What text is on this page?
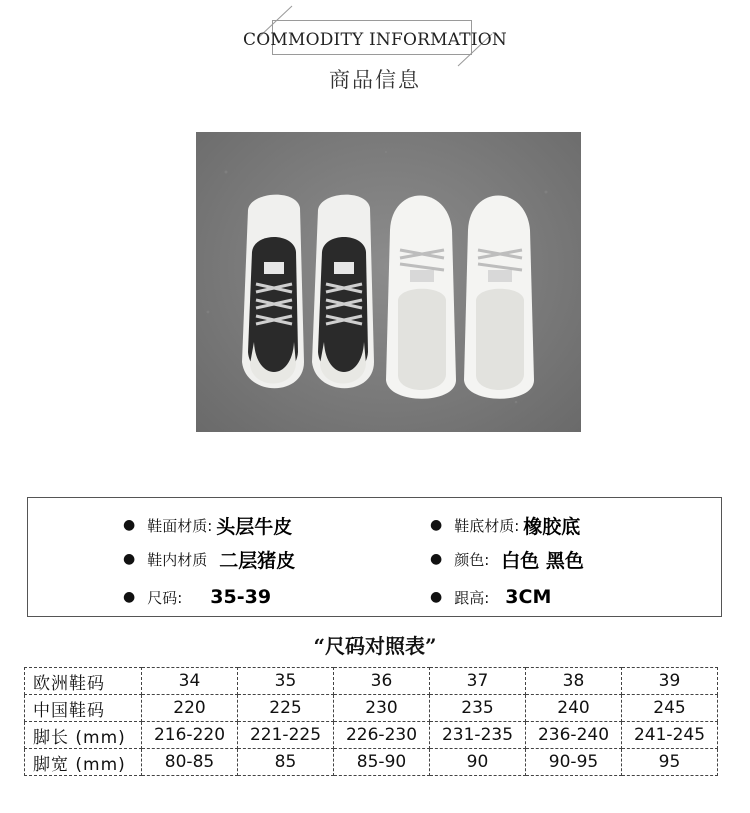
COMMODITY INFORMATION
商品信息
● 鞋面材质: 头层牛皮	● 鞋底材质: 橡胶底
● 鞋内材质 二层猪皮	● 颜色: 白色 黑色
● 尺码: 35-39	● 跟高: 3CM
“尺码对照表”
欧洲鞋码	34	35	36	37	38	39
中国鞋码	220	225	230	235	240	245
脚长 (mm)	216-220	221-225	226-230	231-235	236-240	241-245
脚宽 (mm)	80-85	85	85-90	90	90-95	95
